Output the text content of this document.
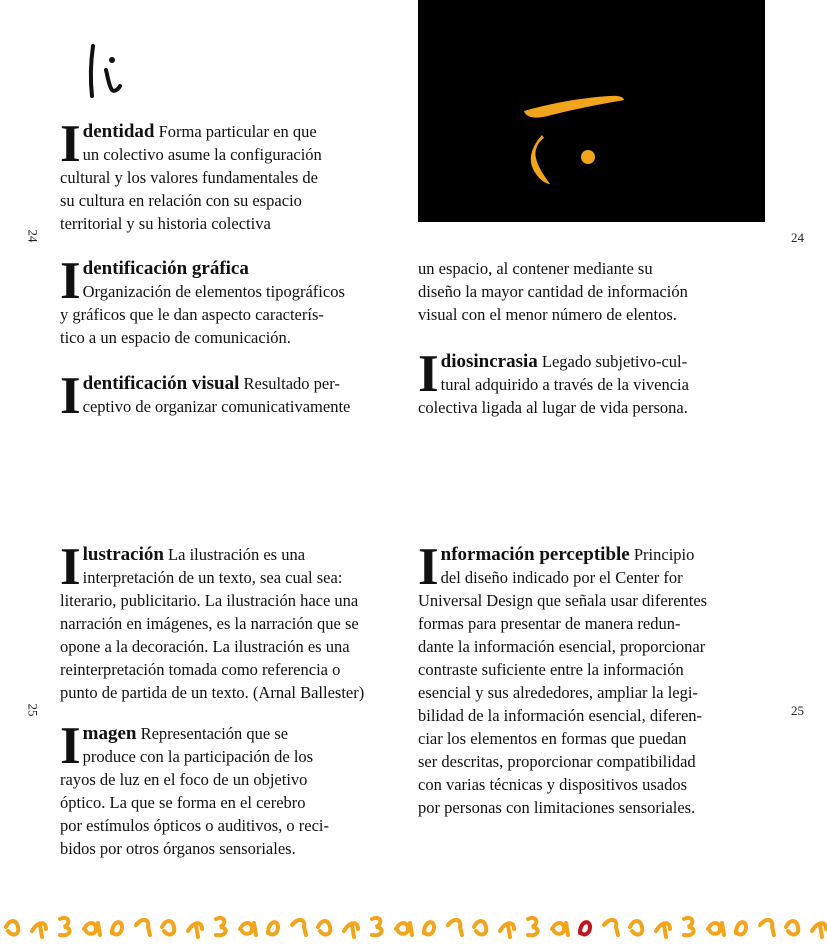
24	24
25	25
I dentidad Forma particular en que

un colectivo asume la configuración

cultural y los valores fundamentales de

su cultura en relación con su espacio

territorial y su historia colectiva

I dentificación gráfica

Organización de elementos tipográficos

y gráficos que le dan aspecto caracterís-

tico a un espacio de comunicación.

I dentificación visual Resultado per-

ceptivo de organizar comunicativamente

un espacio, al contener mediante su

diseño la mayor cantidad de información

visual con el menor número de elentos.

I diosincrasia Legado subjetivo-cul-

tural adquirido a través de la vivencia

colectiva ligada al lugar de vida persona.

I lustración La ilustración es una

interpretación de un texto, sea cual sea:

literario, publicitario. La ilustración hace una

narración en imágenes, es la narración que se

opone a la decoración. La ilustración es una

reinterpretación tomada como referencia o

punto de partida de un texto. (Arnal Ballester)

I magen Representación que se

produce con la participación de los

rayos de luz en el foco de un objetivo

óptico. La que se forma en el cerebro

por estímulos ópticos o auditivos, o reci-

bidos por otros órganos sensoriales.

I nformación perceptible Principio

del diseño indicado por el Center for

Universal Design que señala usar diferentes

formas para presentar de manera redun-

dante la información esencial, proporcionar

contraste suficiente entre la información

esencial y sus alrededores, ampliar la legi-

bilidad de la información esencial, diferen-

ciar los elementos en formas que puedan

ser descritas, proporcionar compatibilidad

con varias técnicas y dispositivos usados

por personas con limitaciones sensoriales.
